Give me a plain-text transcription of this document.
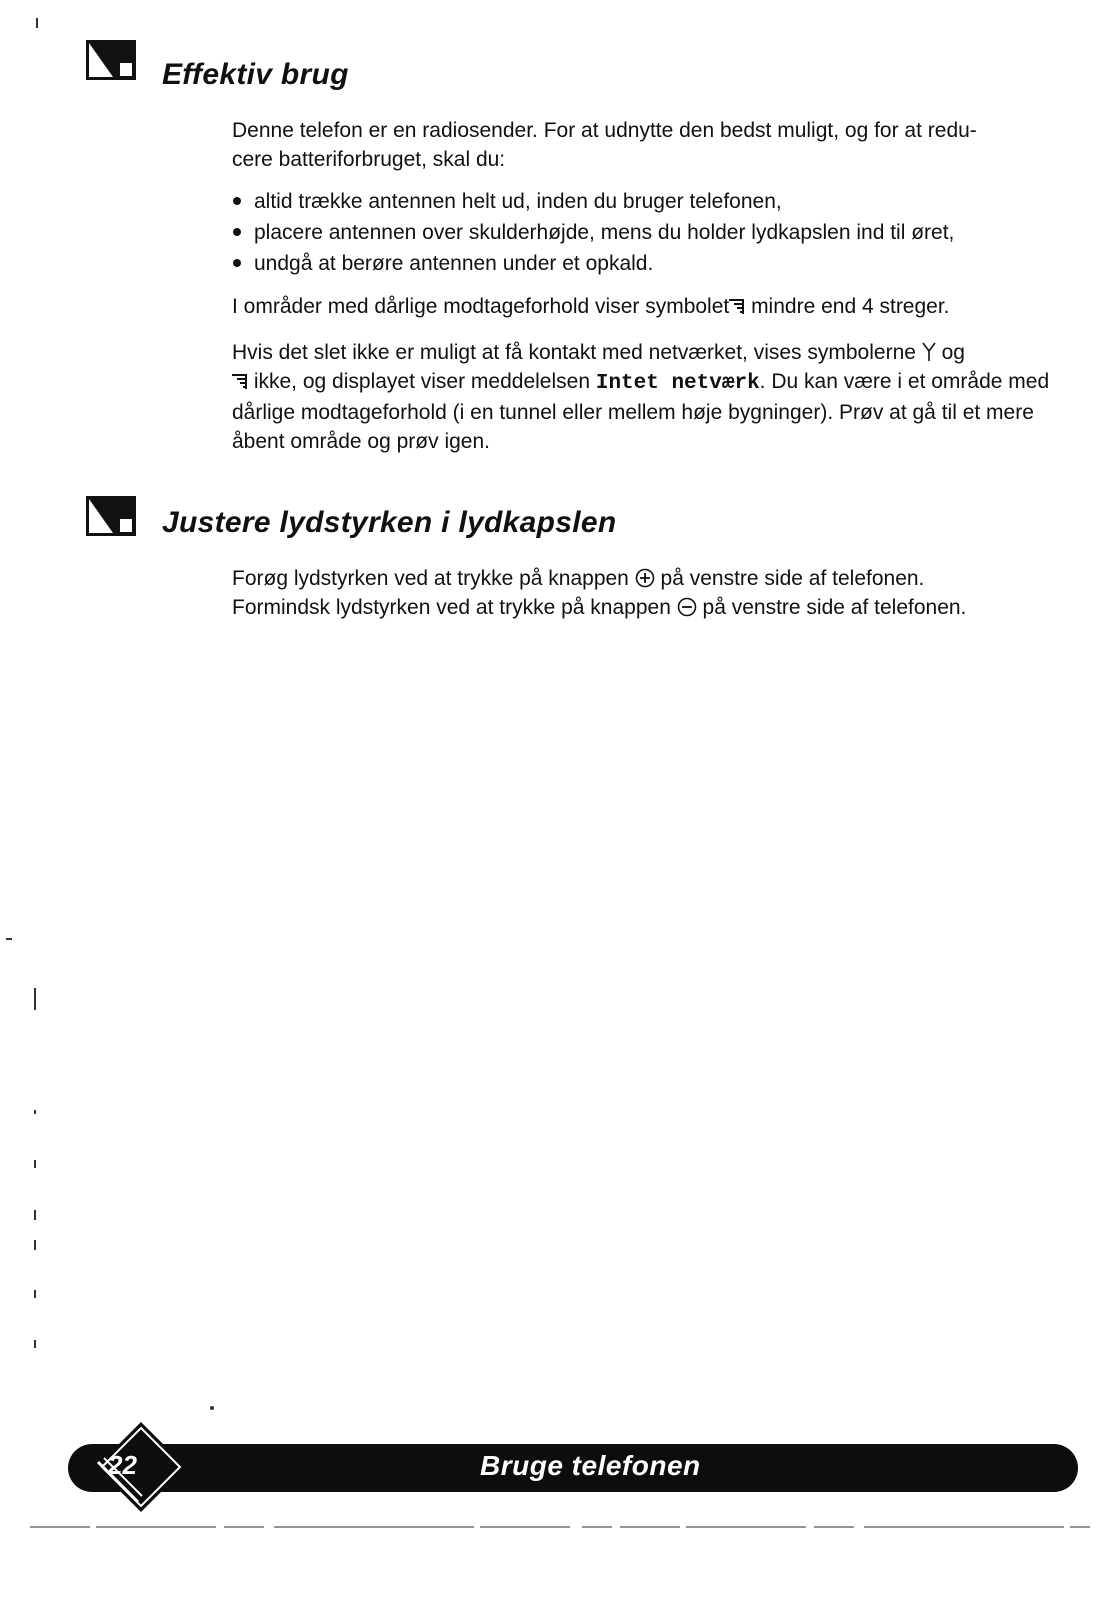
Effektiv brug

Denne telefon er en radiosender. For at udnytte den bedst muligt, og for at redu-
cere batteriforbruget, skal du:

altid trække antennen helt ud, inden du bruger telefonen,
placere antennen over skulderhøjde, mens du holder lydkapslen ind til øret,
undgå at berøre antennen under et opkald.

I områder med dårlige modtageforhold viser symbolet mindre end 4 streger.

Hvis det slet ikke er muligt at få kontakt med netværket, vises symbolerne  og
ikke, og displayet viser meddelelsen Intet netværk. Du kan være i et område med dårlige modtageforhold (i en tunnel eller mellem høje bygninger). Prøv at gå til et mere åbent område og prøv igen.

Justere lydstyrken i lydkapslen

Forøg lydstyrken ved at trykke på knappen  på venstre side af telefonen.
Formindsk lydstyrken ved at trykke på knappen  på venstre side af telefonen.

22	Bruge telefonen
